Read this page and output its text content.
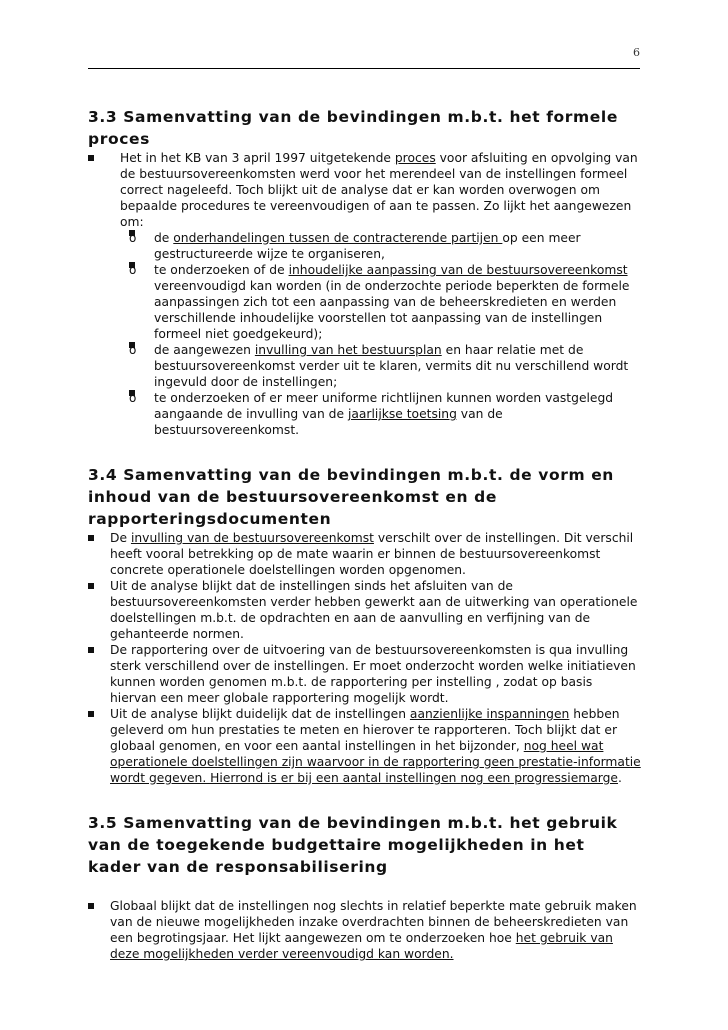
6
3.3 Samenvatting van de bevindingen m.b.t. het formele proces
Het in het KB van 3 april 1997 uitgetekende proces voor afsluiting en opvolging van de bestuursovereenkomsten werd voor het merendeel van de instellingen formeel correct nageleefd. Toch blijkt uit de analyse dat er kan worden overwogen om bepaalde procedures te vereenvoudigen of aan te passen. Zo lijkt het aangewezen om:
o de onderhandelingen tussen de contracterende partijen op een meer gestructureerde wijze te organiseren,
o te onderzoeken of de inhoudelijke aanpassing van de bestuursovereenkomst vereenvoudigd kan worden (in de onderzochte periode beperkten de formele aanpassingen zich tot een aanpassing van de beheerskredieten en werden verschillende inhoudelijke voorstellen tot aanpassing van de instellingen formeel niet goedgekeurd);
o de aangewezen invulling van het bestuursplan en haar relatie met de bestuursovereenkomst verder uit te klaren, vermits dit nu verschillend wordt ingevuld door de instellingen;
o te onderzoeken of er meer uniforme richtlijnen kunnen worden vastgelegd aangaande de invulling van de jaarlijkse toetsing van de bestuursovereenkomst.
3.4 Samenvatting van de bevindingen m.b.t. de vorm en inhoud van de bestuursovereenkomst en de rapporteringsdocumenten
De invulling van de bestuursovereenkomst verschilt over de instellingen. Dit verschil heeft vooral betrekking op de mate waarin er binnen de bestuursovereenkomst concrete operationele doelstellingen worden opgenomen.
Uit de analyse blijkt dat de instellingen sinds het afsluiten van de bestuursovereenkomsten verder hebben gewerkt aan de uitwerking van operationele doelstellingen m.b.t. de opdrachten en aan de aanvulling en verfijning van de gehanteerde normen.
De rapportering over de uitvoering van de bestuursovereenkomsten is qua invulling sterk verschillend over de instellingen. Er moet onderzocht worden welke initiatieven kunnen worden genomen m.b.t. de rapportering per instelling , zodat op basis hiervan een meer globale rapportering mogelijk wordt.
Uit de analyse blijkt duidelijk dat de instellingen aanzienlijke inspanningen hebben geleverd om hun prestaties te meten en hierover te rapporteren. Toch blijkt dat er globaal genomen, en voor een aantal instellingen in het bijzonder, nog heel wat operationele doelstellingen zijn waarvoor in de rapportering geen prestatie-informatie wordt gegeven. Hierrond is er bij een aantal instellingen nog een progressiemarge.
3.5 Samenvatting van de bevindingen m.b.t. het gebruik van de toegekende budgettaire mogelijkheden in het kader van de responsabilisering
Globaal blijkt dat de instellingen nog slechts in relatief beperkte mate gebruik maken van de nieuwe mogelijkheden inzake overdrachten binnen de beheerskredieten van een begrotingsjaar. Het lijkt aangewezen om te onderzoeken hoe het gebruik van deze mogelijkheden verder vereenvoudigd kan worden.
